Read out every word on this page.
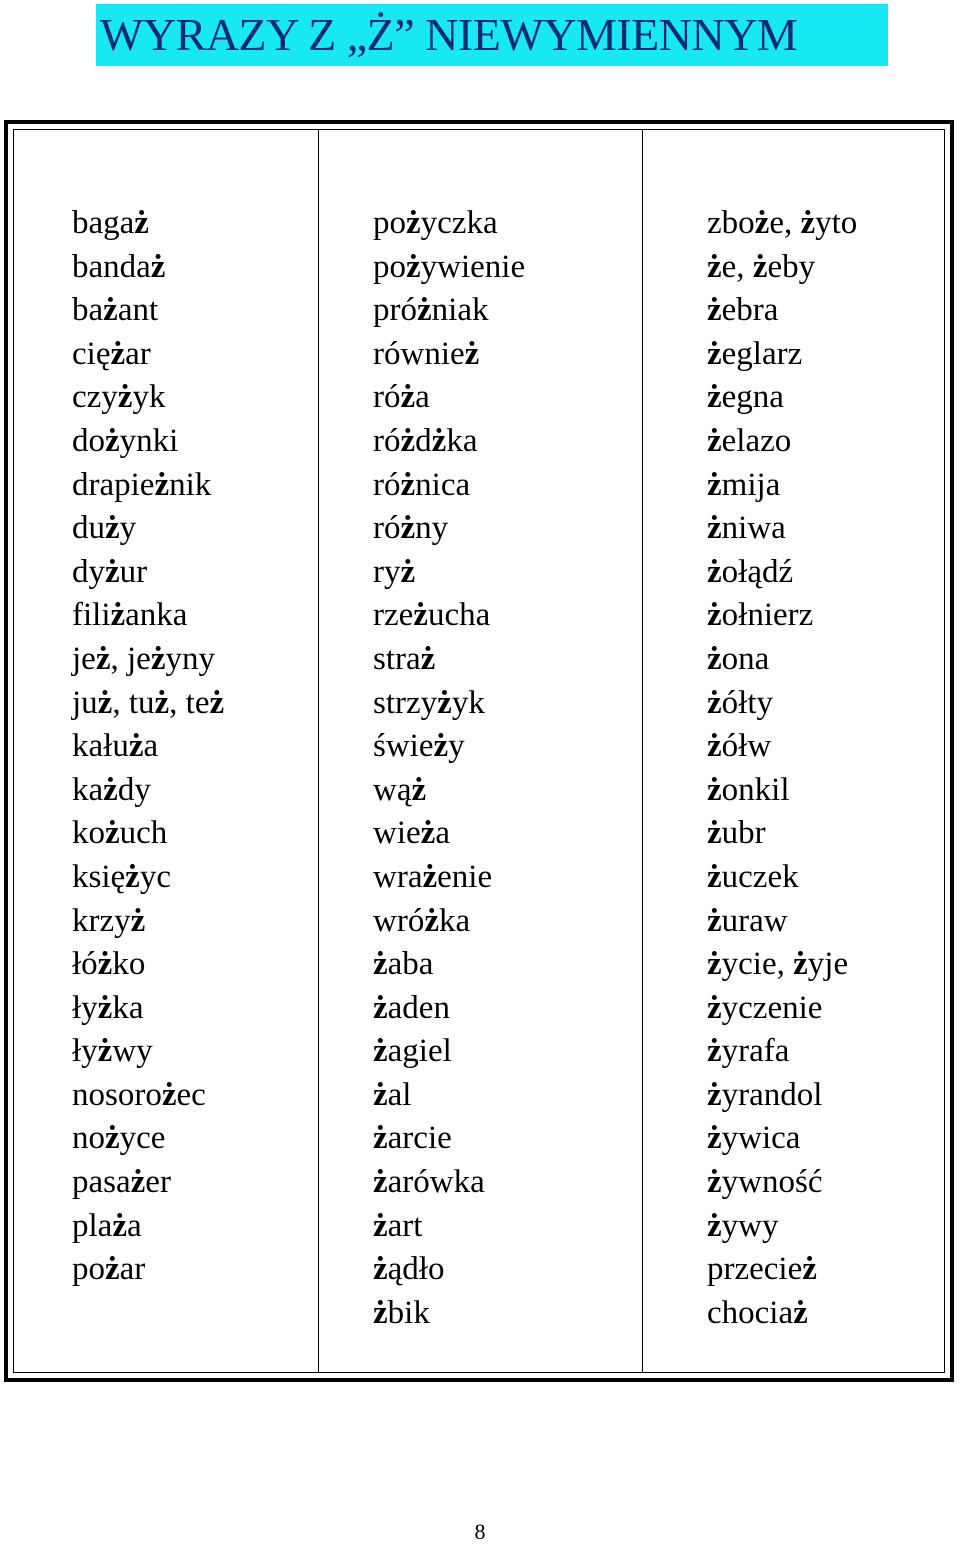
WYRAZY Z „Ż” NIEWYMIENNYM
bagaż
bandaż
bażant
ciężar
czyżyk
dożynki
drapieżnik
duży
dyżur
filiżanka
jeż, jeżyny
już, tuż, też
kałuża
każdy
kożuch
księżyc
krzyż
łóżko
łyżka
łyżwy
nosorożec
nożyce
pasażer
plaża
pożar
pożyczka
pożywienie
próżniak
również
róża
różdżka
różnica
różny
ryż
rzeżucha
straż
strzyżyk
świeży
wąż
wieża
wrażenie
wróżka
żaba
żaden
żagiel
żal
żarcie
żarówka
żart
żądło
żbik
zboże, żyto
że, żeby
żebra
żeglarz
żegna
żelazo
żmija
żniwa
żołądź
żołnierz
żona
żółty
żółw
żonkil
żubr
żuczek
żuraw
życie, żyje
życzenie
żyrafa
żyrandol
żywica
żywność
żywy
przecież
chociaż
8
